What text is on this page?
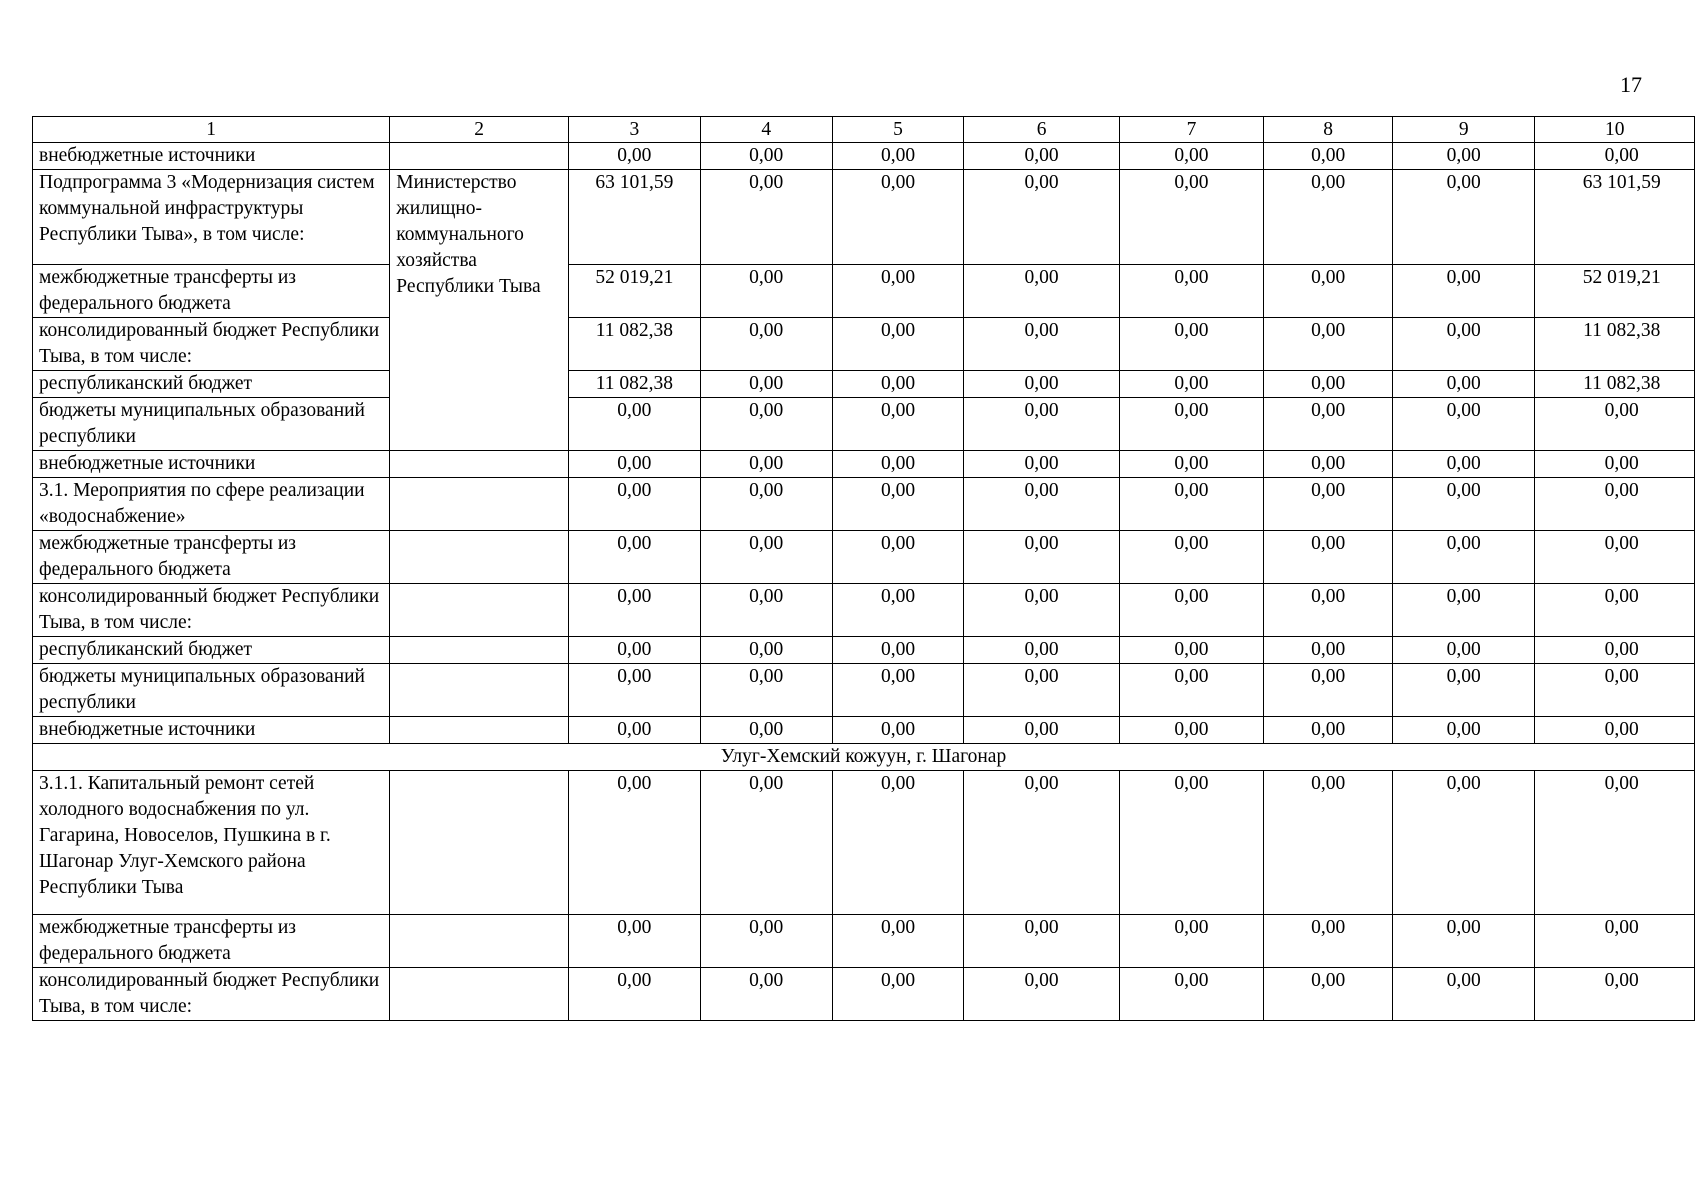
17
1	2	3	4	5	6	7	8	9	10
внебюджетные источники		0,00	0,00	0,00	0,00	0,00	0,00	0,00	0,00
Подпрограмма 3 «Модернизация систем коммунальной инфраструктуры Республики Тыва», в том числе:	Министерство жилищно-коммунального хозяйства Республики Тыва	63 101,59	0,00	0,00	0,00	0,00	0,00	0,00	63 101,59
межбюджетные трансферты из федерального бюджета		52 019,21	0,00	0,00	0,00	0,00	0,00	0,00	52 019,21
консолидированный бюджет Республики Тыва, в том числе:		11 082,38	0,00	0,00	0,00	0,00	0,00	0,00	11 082,38
республиканский бюджет		11 082,38	0,00	0,00	0,00	0,00	0,00	0,00	11 082,38
бюджеты муниципальных образований республики		0,00	0,00	0,00	0,00	0,00	0,00	0,00	0,00
внебюджетные источники		0,00	0,00	0,00	0,00	0,00	0,00	0,00	0,00
3.1. Мероприятия по сфере реализации «водоснабжение»		0,00	0,00	0,00	0,00	0,00	0,00	0,00	0,00
межбюджетные трансферты из федерального бюджета		0,00	0,00	0,00	0,00	0,00	0,00	0,00	0,00
консолидированный бюджет Республики Тыва, в том числе:		0,00	0,00	0,00	0,00	0,00	0,00	0,00	0,00
республиканский бюджет		0,00	0,00	0,00	0,00	0,00	0,00	0,00	0,00
бюджеты муниципальных образований республики		0,00	0,00	0,00	0,00	0,00	0,00	0,00	0,00
внебюджетные источники		0,00	0,00	0,00	0,00	0,00	0,00	0,00	0,00
Улуг-Хемский кожуун, г. Шагонар									
3.1.1. Капитальный ремонт сетей холодного водоснабжения по ул. Гагарина, Новоселов, Пушкина в г. Шагонар Улуг-Хемского района Республики Тыва		0,00	0,00	0,00	0,00	0,00	0,00	0,00	0,00
межбюджетные трансферты из федерального бюджета		0,00	0,00	0,00	0,00	0,00	0,00	0,00	0,00
консолидированный бюджет Республики Тыва, в том числе:		0,00	0,00	0,00	0,00	0,00	0,00	0,00	0,00
